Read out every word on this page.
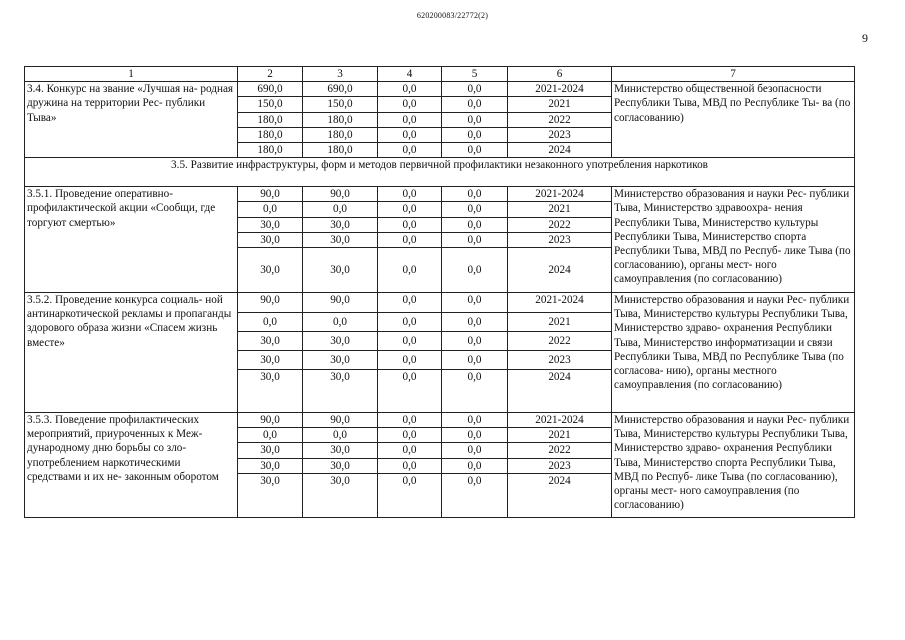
620200083/22772(2)
9
1	2	3	4	5	6	7
3.4. Конкурс на звание «Лучшая на- родная дружина на территории Рес- публики Тыва»	690,0	690,0	0,0	0,0	2021-2024	Министерство общественной безопасности Республики Тыва, МВД по Республике Ты- ва (по согласованию)
	150,0	150,0	0,0	0,0	2021	
	180,0	180,0	0,0	0,0	2022	
	180,0	180,0	0,0	0,0	2023	
	180,0	180,0	0,0	0,0	2024	
3.5. Развитие инфраструктуры, форм и методов первичной профилактики незаконного употребления наркотиков						
3.5.1. Проведение оперативно- профилактической акции «Сообщи, где торгуют смертью»	90,0	90,0	0,0	0,0	2021-2024	Министерство образования и науки Рес- публики Тыва, Министерство здравоохра- нения Республики Тыва, Министерство культуры Республики Тыва, Министерство спорта Республики Тыва, МВД по Респуб- лике Тыва (по согласованию), органы мест- ного самоуправления (по согласованию)
	0,0	0,0	0,0	0,0	2021	
	30,0	30,0	0,0	0,0	2022	
	30,0	30,0	0,0	0,0	2023	
	30,0	30,0	0,0	0,0	2024	
3.5.2. Проведение конкурса социаль- ной антинаркотической рекламы и пропаганды здорового образа жизни «Спасем жизнь вместе»	90,0	90,0	0,0	0,0	2021-2024	Министерство образования и науки Рес- публики Тыва, Министерство культуры Республики Тыва, Министерство здраво- охранения Республики Тыва, Министерство информатизации и связи Республики Тыва, МВД по Республике Тыва (по согласова- нию), органы местного самоуправления (по согласованию)
	0,0	0,0	0,0	0,0	2021	
	30,0	30,0	0,0	0,0	2022	
	30,0	30,0	0,0	0,0	2023	
	30,0	30,0	0,0	0,0	2024	
3.5.3. Поведение профилактических мероприятий, приуроченных к Меж- дународному дню борьбы со зло- употреблением наркотическими средствами и их не- законным оборотом	90,0	90,0	0,0	0,0	2021-2024	Министерство образования и науки Рес- публики Тыва, Министерство культуры Республики Тыва, Министерство здраво- охранения Республики Тыва, Министерство спорта Республики Тыва, МВД по Респуб- лике Тыва (по согласованию), органы мест- ного самоуправления (по согласованию)
	0,0	0,0	0,0	0,0	2021	
	30,0	30,0	0,0	0,0	2022	
	30,0	30,0	0,0	0,0	2023	
	30,0	30,0	0,0	0,0	2024	
